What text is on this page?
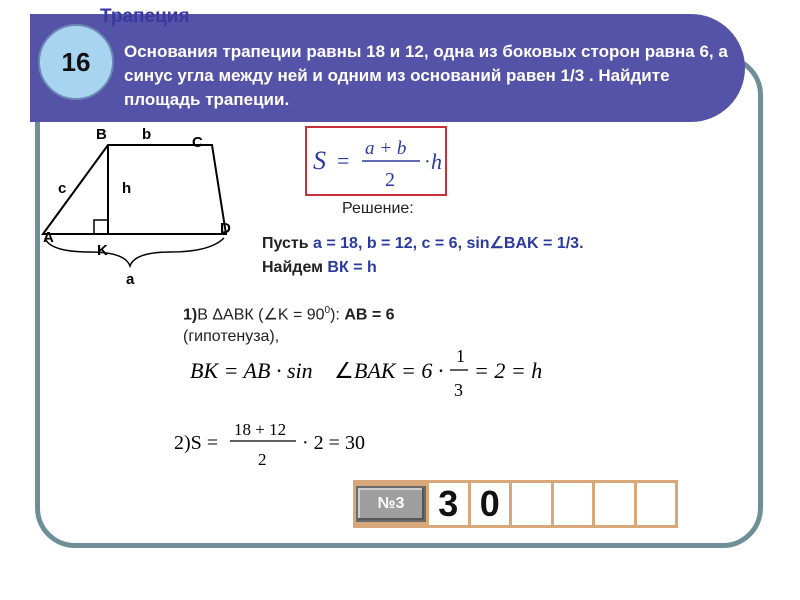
Трапеция
16	Основания трапеции равны 18 и 12, одна из боковых сторон равна 6, а синус угла между ней и одним из оснований равен 1/3 . Найдите площадь трапеции.
A
B	C
D
K
a
b
c	h
S = a + b
2
· h
Решение:
Пусть a = 18, b = 12, c = 6, sin∠BAK = 1/3.
Найдем ВК = h
1)В ΔАВК (∠K = $90^0$): АВ = 6
(гипотенуза),
BK = AB · sin ∠ BAK = 6 ·
1
3
= 2 = h
2)S =
18 + 12
2
· 2 = 30
№3 3 0
